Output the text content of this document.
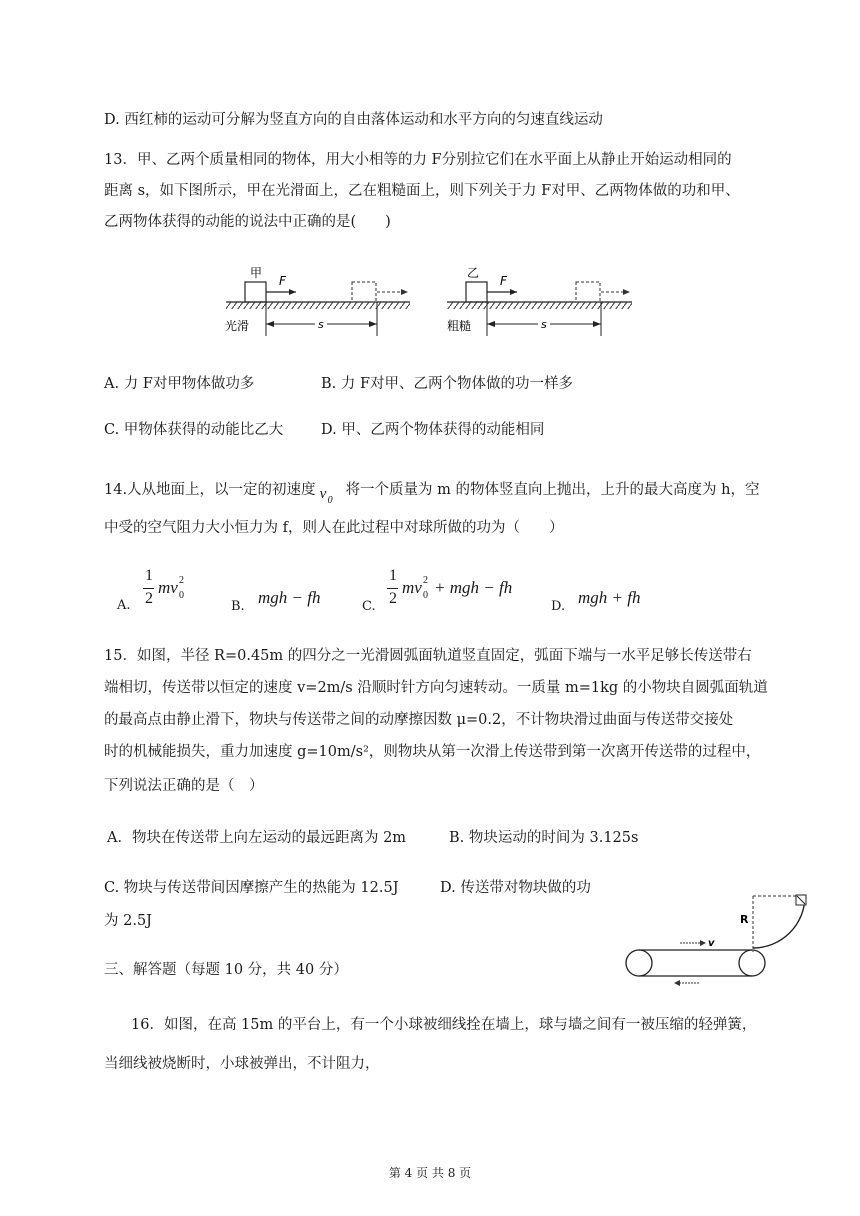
D. 西红柿的运动可分解为竖直方向的自由落体运动和水平方向的匀速直线运动
13．甲、乙两个质量相同的物体，用大小相等的力 F分别拉它们在水平面上从静止开始运动相同的
距离 s，如下图所示，甲在光滑面上，乙在粗糙面上，则下列关于力 F对甲、乙两物体做的功和甲、
乙两物体获得的动能的说法中正确的是(　　)
甲
F
s
光滑
乙
F
s
粗糙
A. 力 F对甲物体做功多	B. 力 F对甲、乙两个物体做的功一样多
C. 甲物体获得的动能比乙大	D. 甲、乙两个物体获得的动能相同
14.人从地面上，以一定的初速度 v 0
将一个质量为 m 的物体竖直向上抛出，上升的最大高度为 h，空
中受的空气阻力大小恒力为 f，则人在此过程中对球所做的功为（　　）
A.
1
2
mv 2
0
B. mgh − fh	C.
1
2
mv 2
0 + mgh − fh
D. mgh + fh
15．如图，半径 R=0.45m 的四分之一光滑圆弧面轨道竖直固定，弧面下端与一水平足够长传送带右
端相切，传送带以恒定的速度 v=2m/s 沿顺时针方向匀速转动。一质量 m=1kg 的小物块自圆弧面轨道
的最高点由静止滑下，物块与传送带之间的动摩擦因数 μ=0.2，不计物块滑过曲面与传送带交接处
时的机械能损失，重力加速度 g=10m/s²，则物块从第一次滑上传送带到第一次离开传送带的过程中，
下列说法正确的是（　）
A．物块在传送带上向左运动的最远距离为 2m	B. 物块运动的时间为 3.125s
C. 物块与传送带间因摩擦产生的热能为 12.5J	D. 传送带对物块做的功
为 2.5J	R
v
三、解答题（每题 10 分，共 40 分）
16．如图，在高 15m 的平台上，有一个小球被细线拴在墙上，球与墙之间有一被压缩的轻弹簧，
当细线被烧断时，小球被弹出，不计阻力，
第 4 页 共 8 页
